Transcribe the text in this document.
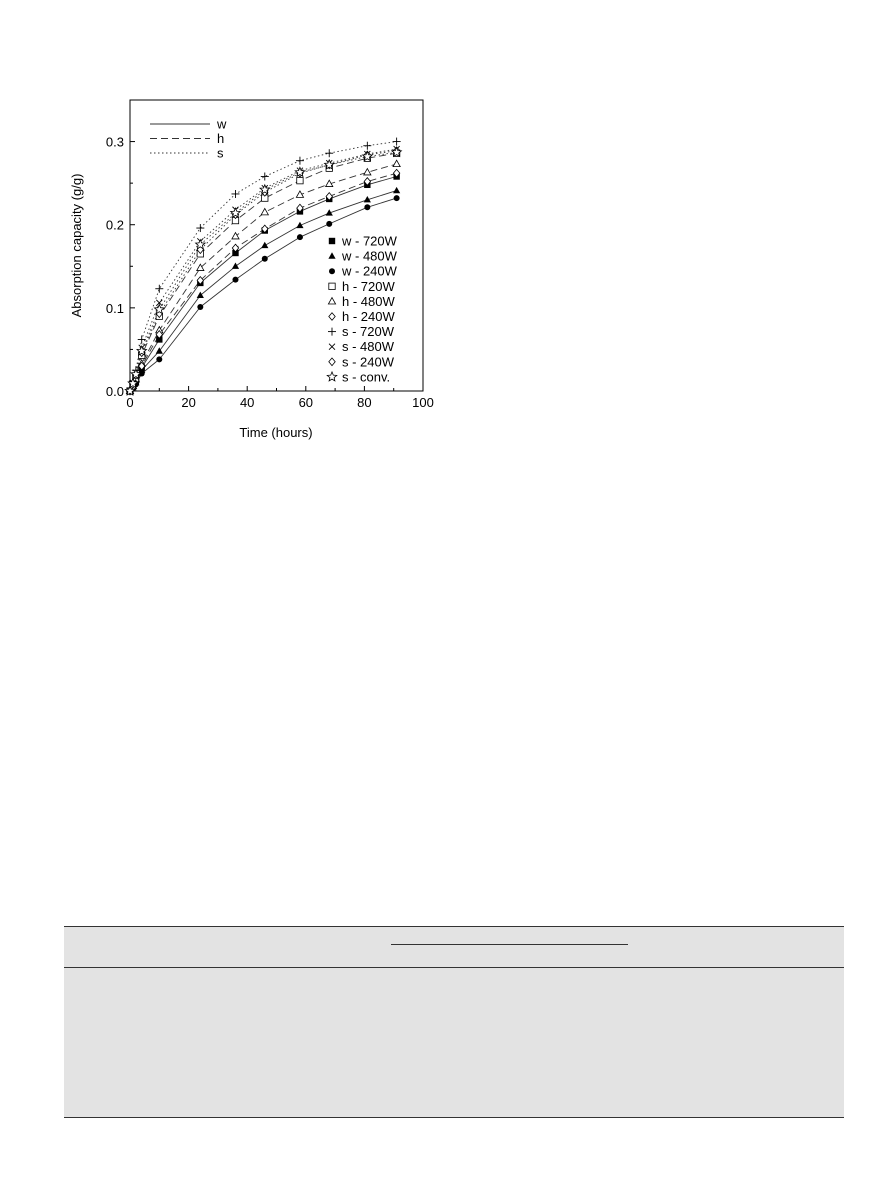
0	20	40	60	80	100
0.0
0.1
0.2
0.3
w
h
s
w - 720W
w - 480W
w - 240W
h - 720W
h - 480W
h - 240W
s - 720W
s - 480W
s - 240W
s - conv.
Time (hours)
Absorption capacity (g/g)
